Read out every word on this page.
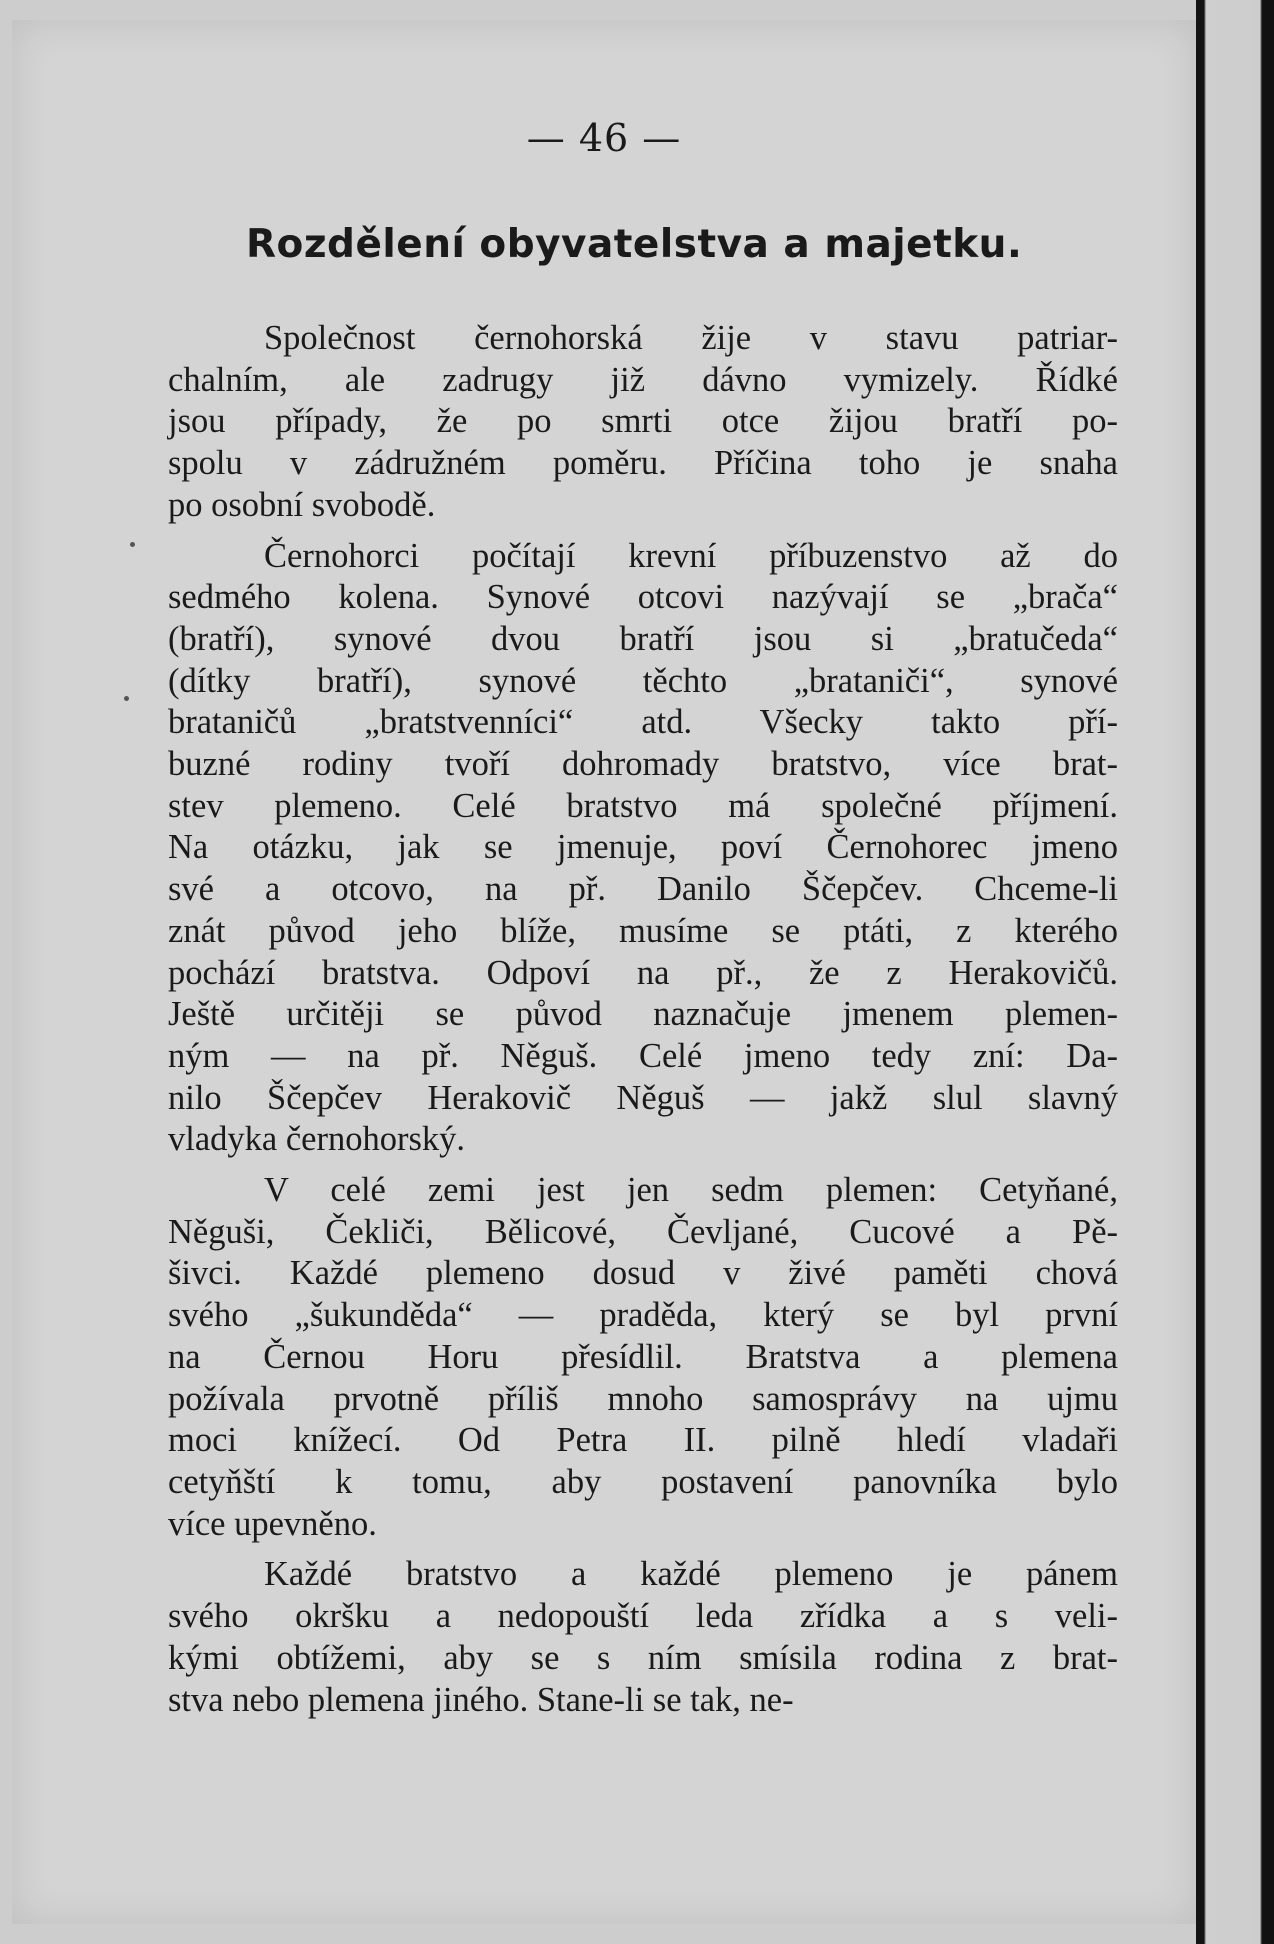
— 46 —
Rozdělení obyvatelstva a majetku.
Společnost černohorská žije v stavu patriar-
chalním, ale zadrugy již dávno vymizely. Řídké
jsou případy, že po smrti otce žijou bratří po-
spolu v zádružném poměru. Příčina toho je snaha
po osobní svobodě.
Černohorci počítají krevní příbuzenstvo až do
sedmého kolena. Synové otcovi nazývají se „brača“
(bratří), synové dvou bratří jsou si „bratučeda“
(dítky bratří), synové těchto „brataniči“, synové
brataničů „bratstvenníci“ atd. Všecky takto pří-
buzné rodiny tvoří dohromady bratstvo, více brat-
stev plemeno. Celé bratstvo má společné příjmení.
Na otázku, jak se jmenuje, poví Černohorec jmeno
své a otcovo, na př. Danilo Ščepčev. Chceme-li
znát původ jeho blíže, musíme se ptáti, z kterého
pochází bratstva. Odpoví na př., že z Herakovičů.
Ještě určitěji se původ naznačuje jmenem plemen-
ným — na př. Něguš. Celé jmeno tedy zní: Da-
nilo Ščepčev Herakovič Něguš — jakž slul slavný
vladyka černohorský.
V celé zemi jest jen sedm plemen: Cetyňané,
Něguši, Čekliči, Bělicové, Čevljané, Cucové a Pě-
šivci. Každé plemeno dosud v živé paměti chová
svého „šukunděda“ — praděda, který se byl první
na Černou Horu přesídlil. Bratstva a plemena
požívala prvotně příliš mnoho samosprávy na ujmu
moci knížecí. Od Petra II. pilně hledí vladaři
cetyňští k tomu, aby postavení panovníka bylo
více upevněno.
Každé bratstvo a každé plemeno je pánem
svého okršku a nedopouští leda zřídka a s veli-
kými obtížemi, aby se s ním smísila rodina z brat-
stva nebo plemena jiného. Stane-li se tak, ne-
